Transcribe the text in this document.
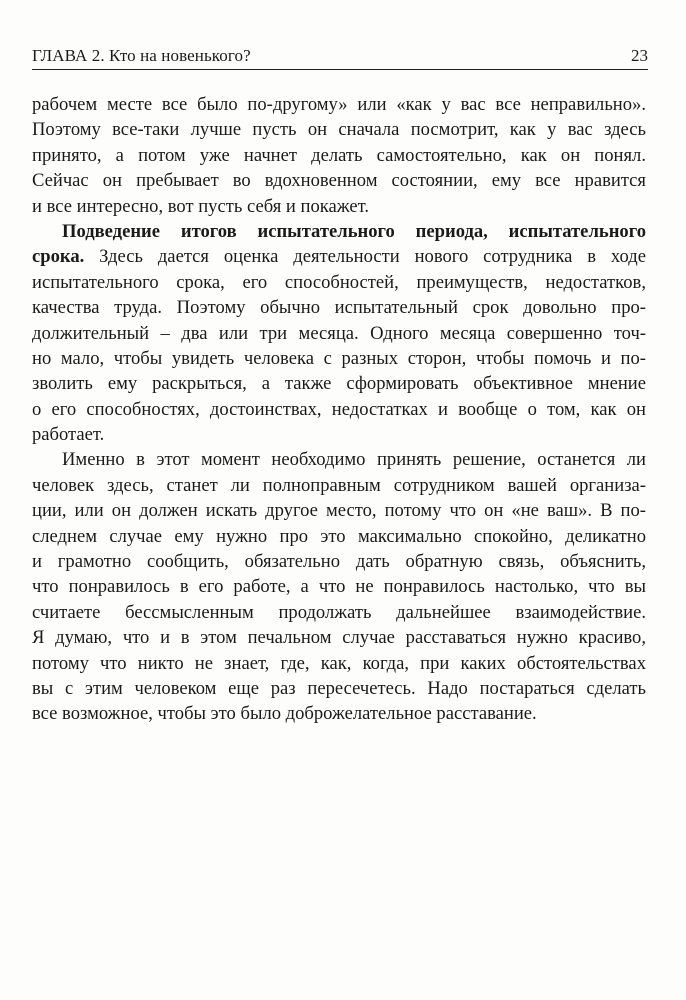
ГЛАВА 2. Кто на новенького?	23
рабочем месте все было по-другому» или «как у вас все неправильно».
Поэтому все-таки лучше пусть он сначала посмотрит, как у вас здесь
принято, а потом уже начнет делать самостоятельно, как он понял.
Сейчас он пребывает во вдохновенном состоянии, ему все нравится
и все интересно, вот пусть себя и покажет.
Подведение итогов испытательного периода, испытательного
срока. Здесь дается оценка деятельности нового сотрудника в ходе
испытательного срока, его способностей, преимуществ, недостатков,
качества труда. Поэтому обычно испытательный срок довольно про-
должительный – два или три месяца. Одного месяца совершенно точ-
но мало, чтобы увидеть человека с разных сторон, чтобы помочь и по-
зволить ему раскрыться, а также сформировать объективное мнение
о его способностях, достоинствах, недостатках и вообще о том, как он
работает.
Именно в этот момент необходимо принять решение, останется ли
человек здесь, станет ли полноправным сотрудником вашей организа-
ции, или он должен искать другое место, потому что он «не ваш». В по-
следнем случае ему нужно про это максимально спокойно, деликатно
и грамотно сообщить, обязательно дать обратную связь, объяснить,
что понравилось в его работе, а что не понравилось настолько, что вы
считаете бессмысленным продолжать дальнейшее взаимодействие.
Я думаю, что и в этом печальном случае расставаться нужно красиво,
потому что никто не знает, где, как, когда, при каких обстоятельствах
вы с этим человеком еще раз пересечетесь. Надо постараться сделать
все возможное, чтобы это было доброжелательное расставание.
